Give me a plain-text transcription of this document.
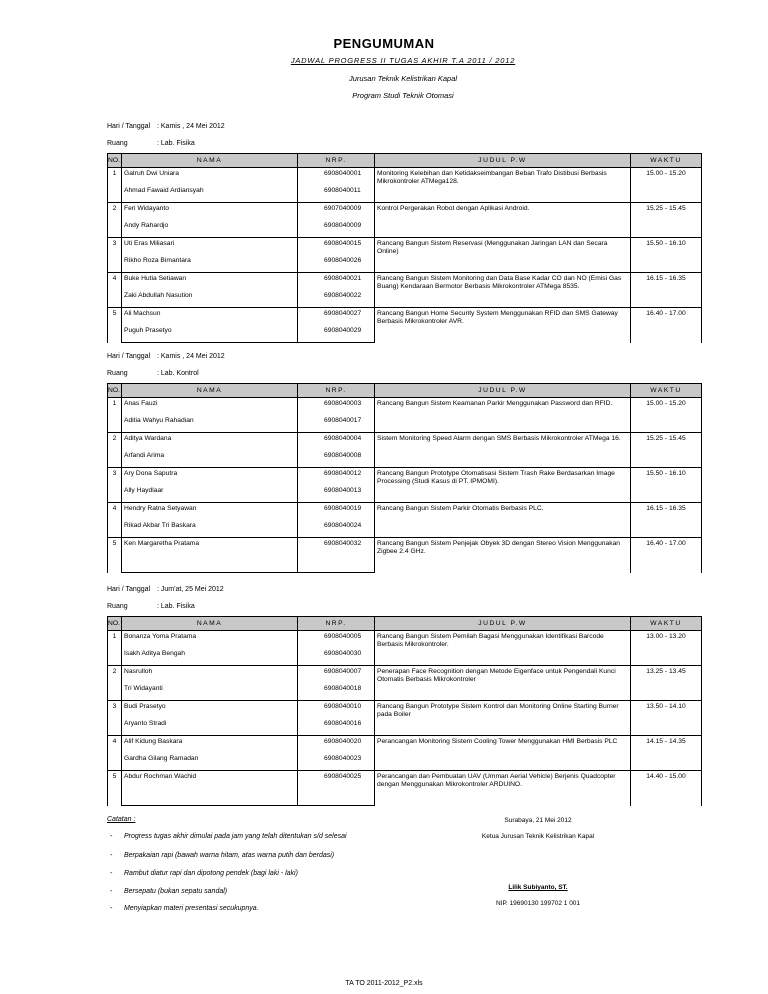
PENGUMUMAN
JADWAL PROGRESS II TUGAS AKHIR T.A 2011 / 2012
Jurusan Teknik Kelistrikan Kapal
Program Studi Teknik Otomasi
Hari / Tanggal : Kamis , 24 Mei 2012
Ruang	: Lab. Fisika
NO.	NAMA	NRP.	JUDUL P.W	WAKTU
1	Gatruh Dwi Uniara	6908040001	Monitoring Kelebihan dan Ketidakseimbangan Beban Trafo Distibusi Berbasis Mikrokontroler ATMega128.	15.00 - 15.20
	Ahmad Fawaid Ardiansyah	6908040011		
2	Feri Widayanto	6907040009	Kontrol Pergerakan Robot dengan Aplikasi Android.	15.25 - 15.45
	Andy Rahardjo	6908040009		
3	Uti Eras Miliasari	6908040015	Rancang Bangun Sistem Reservasi (Menggunakan Jaringan LAN dan Secara Online)	15.50 - 16.10
	Rikho Roza Bimantara	6908040026		
4	Buke Hutia Setiawan	6908040021	Rancang Bangun Sistem Monitoring dan Data Base Kadar CO dan NO (Emisi Gas Buang) Kendaraan Bermotor Berbasis Mikrokontroler ATMega 8535.	16.15 - 16.35
	Zaki Abdullah Nasution	6908040022		
5	Ali Machsun	6908040027	Rancang Bangun Home Security System Menggunakan RFID dan SMS Gateway Berbasis Mikrokontroler AVR.	16.40 - 17.00
	Puguh Prasetyo	6908040029		
Hari / Tanggal : Kamis , 24 Mei 2012
Ruang	: Lab. Kontrol
NO.	NAMA	NRP.	JUDUL P.W	WAKTU
1	Anas Fauzi	6908040003	Rancang Bangun Sistem Keamanan Parkir Menggunakan Password dan RFID.	15.00 - 15.20
	Aditia Wahyu Rahadian	6908040017		
2	Aditya Wardana	6908040004	Sistem Monitoring Speed Alarm dengan SMS Berbasis Mikrokontroler ATMega 16.	15.25 - 15.45
	Arfandi Arima	6908040008		
3	Ary Dona Saputra	6908040012	Rancang Bangun Prototype Otomatisasi Sistem Trash Rake Berdasarkan Image Processing (Studi Kasus di PT. IPMOMI).	15.50 - 16.10
	Ally Haydlaar	6908040013		
4	Hendry Ratna Setyawan	6908040019	Rancang Bangun Sistem Parkir Otomatis Berbasis PLC.	16.15 - 16.35
	Rikad Akbar Tri Baskara	6908040024		
5	Ken Margaretha Pratama	6908040032	Rancang Bangun Sistem Penjejak Obyek 3D dengan Stereo Vision Menggunakan Zigbee 2.4 GHz.	16.40 - 17.00

Hari / Tanggal : Jum'at, 25 Mei 2012
Ruang	: Lab. Fisika
NO.	NAMA	NRP.	JUDUL P.W	WAKTU
1	Bonanza Yoma Pratama	6908040005	Rancang Bangun Sistem Pemilah Bagasi Menggunakan Identifikasi Barcode Berbasis Mikrokontroler.	13.00 - 13.20
	Isakh Aditya Bengah	6908040030		
2	Nasrulloh	6908040007	Penerapan Face Recognition dengan Metode Eigenface untuk Pengendali Kunci Otomatis Berbasis Mikrokontroler	13.25 - 13.45
	Tri Widayanti	6908040018		
3	Budi Prasetyo	6908040010	Rancang Bangun Prototype Sistem Kontrol dan Monitoring Online Starting Burner pada Boiler	13.50 - 14.10
	Aryanto Stradi	6908040016		
4	Alif Kidung Baskara	6908040020	Perancangan Monitoring Sistem Cooling Tower Menggunakan HMI Berbasis PLC	14.15 - 14.35
	Gardha Gilang Ramadan	6908040023		
5	Abdur Rochman Wachid	6908040025	Perancangan dan Pembuatan UAV (Umman Aerial Vehicle) Berjenis Quadcopter dengan Menggunakan Mikrokontroler ARDUINO.	14.40 - 15.00

Catatan :
- Progress tugas akhir dimulai pada jam yang telah ditentukan s/d selesai
- Berpakaian rapi (bawah warna hitam, atas warna putih dan berdasi)
- Rambut diatur rapi dan dipotong pendek (bagi laki - laki)
- Bersepatu (bukan sepatu sandal)
- Menyiapkan materi presentasi secukupnya.
Surabaya, 21 Mei 2012
Ketua Jurusan Teknik Kelistrikan Kapal
Lilik Subiyanto, ST.
NIP. 19690130 199702 1 001
TA TO 2011-2012_P2.xls
